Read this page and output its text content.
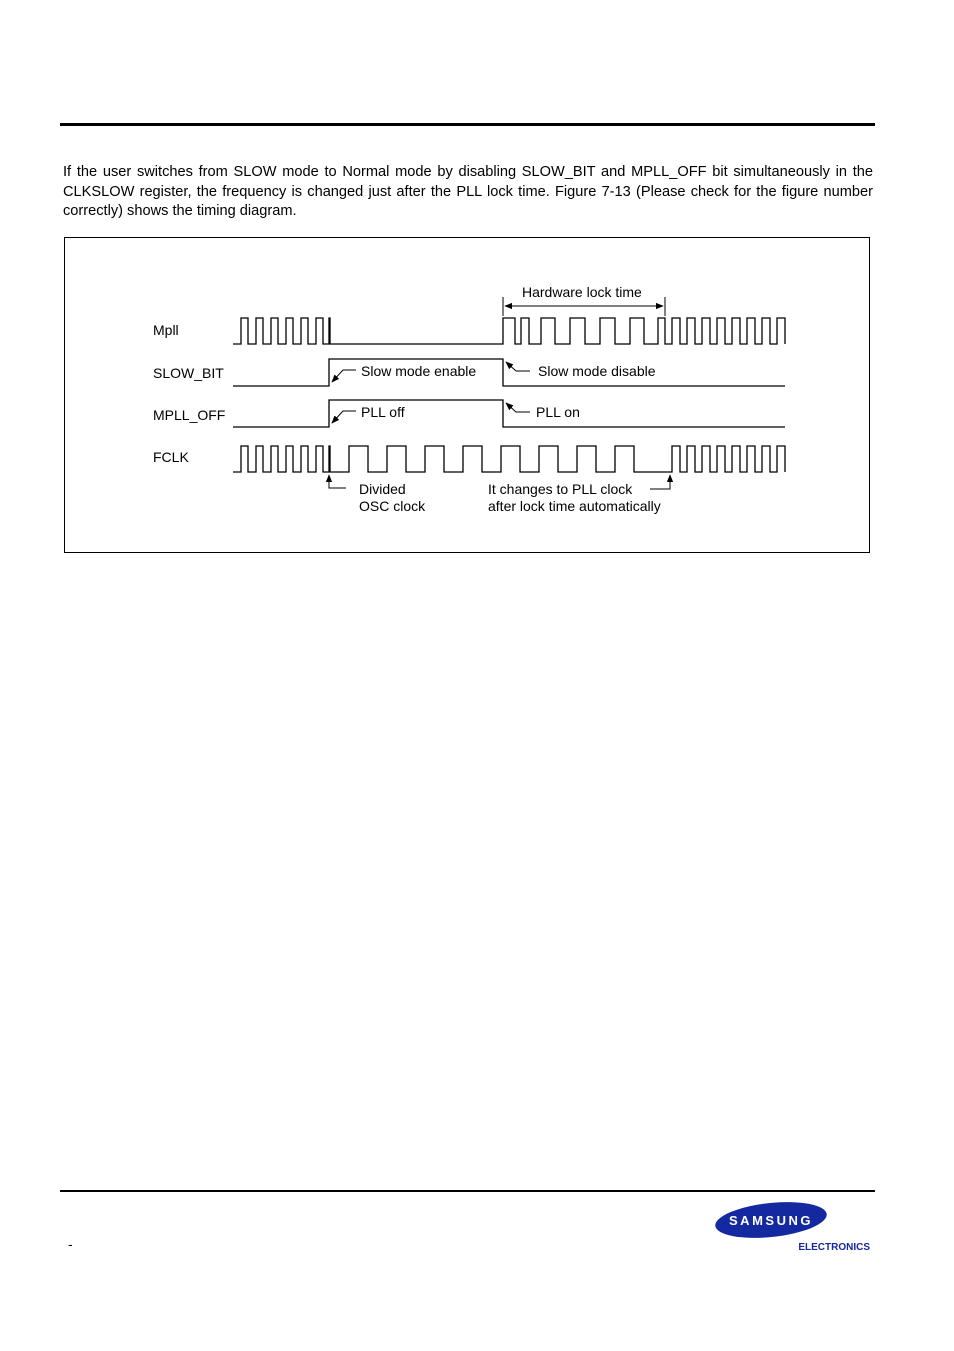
If the user switches from SLOW mode to Normal mode by disabling SLOW_BIT and MPLL_OFF bit simultaneously in the CLKSLOW register, the frequency is changed just after the PLL lock time. Figure 7-13 (Please check for the figure number correctly) shows the timing diagram.

Mpll
SLOW_BIT
MPLL_OFF
FCLK
Hardware lock time
Slow mode enable	Slow mode disable
PLL off	PLL on
Divided
OSC clock
It changes to PLL clock
after lock time automatically
-
SAMSUNG
ELECTRONICS
